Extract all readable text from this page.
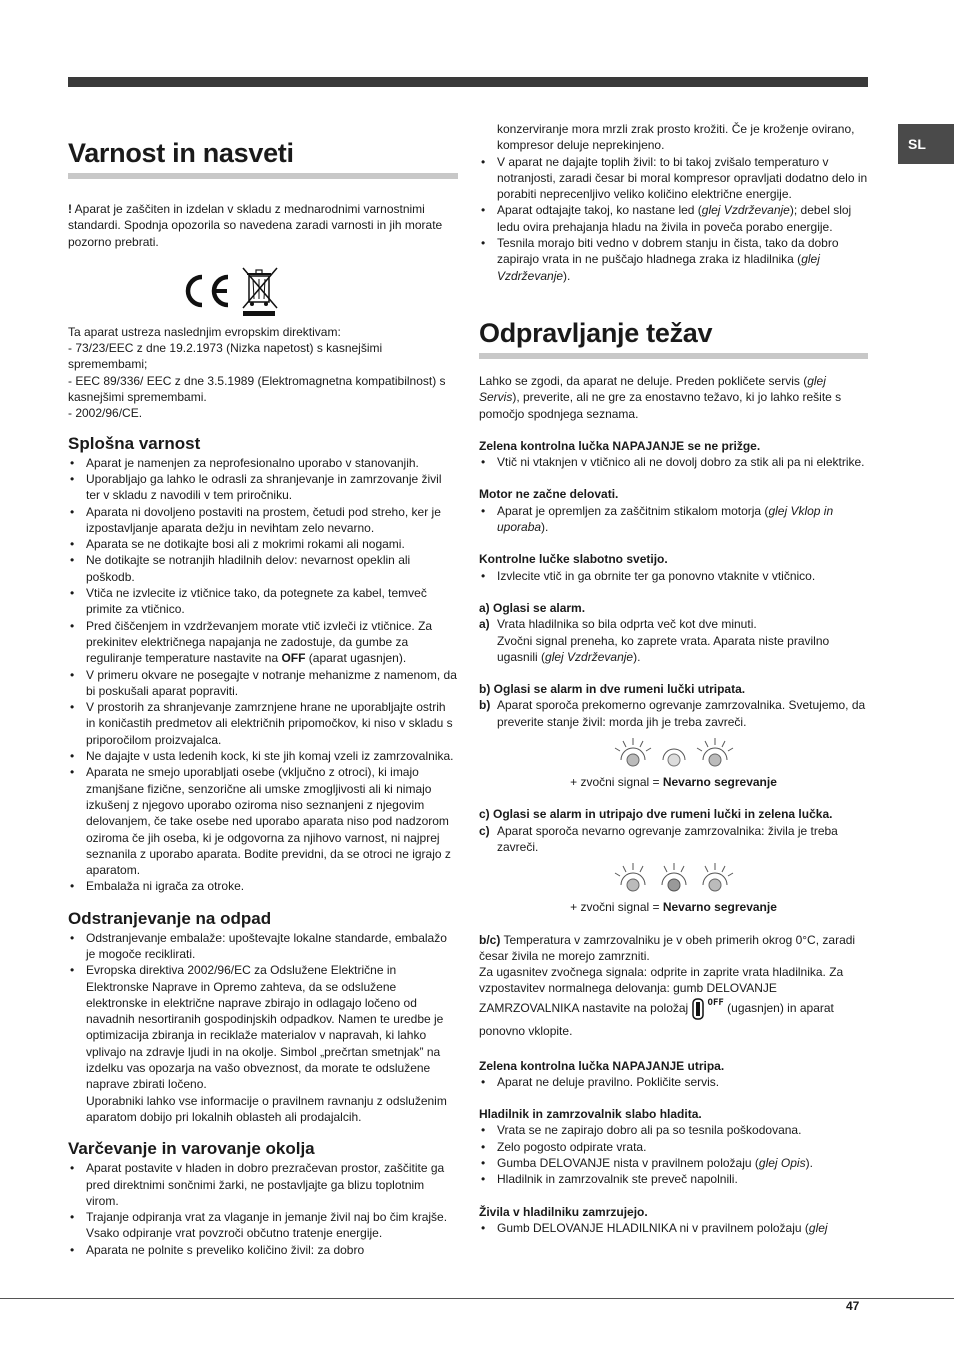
SL
Varnost in nasveti

! Aparat je zaščiten in izdelan v skladu z mednarodnimi varnostnimi standardi. Spodnja opozorila so navedena zaradi varnosti in jih morate pozorno prebrati.

Ta aparat ustreza naslednjim evropskim direktivam:

- 73/23/EEC z dne 19.2.1973 (Nizka napetost) s kasnejšimi spremembami;

- EEC 89/336/ EEC z dne 3.5.1989 (Elektromagnetna kompatibilnost) s kasnejšimi spremembami.

- 2002/96/CE.

Splošna varnost
• Aparat je namenjen za neprofesionalno uporabo v stanovanjih.
• Uporabljajo ga lahko le odrasli za shranjevanje in zamrzovanje živil ter v skladu z navodili v tem priročniku.
• Aparata ni dovoljeno postaviti na prostem, četudi pod streho, ker je izpostavljanje aparata dežju in nevihtam zelo nevarno.
• Aparata se ne dotikajte bosi ali z mokrimi rokami ali nogami.
• Ne dotikajte se notranjih hladilnih delov: nevarnost opeklin ali poškodb.
• Vtiča ne izvlecite iz vtičnice tako, da potegnete za kabel, temveč primite za vtičnico.
• Pred čiščenjem in vzdrževanjem morate vtič izvleči iz vtičnice. Za prekinitev električnega napajanja ne zadostuje, da gumbe za reguliranje temperature nastavite na OFF (aparat ugasnjen).
• V primeru okvare ne posegajte v notranje mehanizme z namenom, da bi poskušali aparat popraviti.
• V prostorih za shranjevanje zamrznjene hrane ne uporabljajte ostrih in koničastih predmetov ali električnih pripomočkov, ki niso v skladu s priporočilom proizvajalca.
• Ne dajajte v usta ledenih kock, ki ste jih komaj vzeli iz zamrzovalnika.
• Aparata ne smejo uporabljati osebe (vključno z otroci), ki imajo zmanjšane fizične, senzorične ali umske zmogljivosti ali ki nimajo izkušenj z njegovo uporabo oziroma niso seznanjeni z njegovim delovanjem, če take osebe ned uporabo aparata niso pod nadzorom oziroma če jih oseba, ki je odgovorna za njihovo varnost, ni najprej seznanila z uporabo aparata. Bodite previdni, da se otroci ne igrajo z aparatom.
• Embalaža ni igrača za otroke.
Odstranjevanje na odpad
• Odstranjevanje embalaže: upoštevajte lokalne standarde, embalažo je mogoče reciklirati.
• Evropska direktiva 2002/96/EC za Odslužene Električne in Elektronske Naprave in Opremo zahteva, da se odslužene elektronske in električne naprave zbirajo in odlagajo ločeno od navadnih nesortiranih gospodinjskih odpadkov. Namen te uredbe je optimizacija zbiranja in reciklaže materialov v napravah, ki lahko vplivajo na zdravje ljudi in na okolje. Simbol „prečrtan smetnjak” na izdelku vas opozarja na vašo obveznost, da morate te odslužene naprave zbirati ločeno.
Uporabniki lahko vse informacije o pravilnem ravnanju z odsluženim aparatom dobijo pri lokalnih oblasteh ali prodajalcih.
Varčevanje in varovanje okolja
• Aparat postavite v hladen in dobro prezračevan prostor, zaščitite ga pred direktnimi sončnimi žarki, ne postavljajte ga blizu toplotnim virom.
• Trajanje odpiranja vrat za vlaganje in jemanje živil naj bo čim krajše. Vsako odpiranje vrat povzroči občutno tratenje energije.
• Aparata ne polnite s preveliko količino živil: za dobro

konzerviranje mora mrzli zrak prosto krožiti. Če je kroženje ovirano, kompresor deluje neprekinjeno.

• V aparat ne dajajte toplih živil: to bi takoj zvišalo temperaturo v notranjosti, zaradi česar bi moral kompresor opravljati dodatno delo in porabiti neprecenljivo veliko količino električne energije.
• Aparat odtajajte takoj, ko nastane led (glej Vzdrževanje); debel sloj ledu ovira prehajanja hladu na živila in poveča porabo energije.
• Tesnila morajo biti vedno v dobrem stanju in čista, tako da dobro zapirajo vrata in ne puščajo hladnega zraka iz hladilnika (glej Vzdrževanje).
Odpravljanje težav

Lahko se zgodi, da aparat ne deluje. Preden pokličete servis (glej Servis), preverite, ali ne gre za enostavno težavo, ki jo lahko rešite s pomočjo spodnjega seznama.

Zelena kontrolna lučka NAPAJANJE se ne prižge.

• Vtič ni vtaknjen v vtičnico ali ne dovolj dobro za stik ali pa ni elektrike.

Motor ne začne delovati.

• Aparat je opremljen za zaščitnim stikalom motorja (glej Vklop in uporaba).

Kontrolne lučke slabotno svetijo.

• Izvlecite vtič in ga obrnite ter ga ponovno vtaknite v vtičnico.

a) Oglasi se alarm.

a) Vrata hladilnika so bila odprta več kot dve minuti.
Zvočni signal preneha, ko zaprete vrata. Aparata niste pravilno ugasnili (glej Vzdrževanje).

b) Oglasi se alarm in dve rumeni lučki utripata.

b) Aparat sporoča prekomerno ogrevanje zamrzovalnika. Svetujemo, da preverite stanje živil: morda jih je treba zavreči.

+ zvočni signal = Nevarno segrevanje

c) Oglasi se alarm in utripajo dve rumeni lučki in zelena lučka.

c) Aparat sporoča nevarno ogrevanje zamrzovalnika: živila je treba zavreči.

+ zvočni signal = Nevarno segrevanje

b/c) Temperatura v zamrzovalniku je v obeh primerih okrog 0°C, zaradi česar živila ne morejo zamrzniti.

Za ugasnitev zvočnega signala: odprite in zaprite vrata hladilnika. Za vzpostavitev normalnega delovanja: gumb DELOVANJE

ZAMRZOVALNIKA nastavite na položaj OFF (ugasnjen) in aparat ponovno vklopite.

Zelena kontrolna lučka NAPAJANJE utripa.

• Aparat ne deluje pravilno. Pokličite servis.

Hladilnik in zamrzovalnik slabo hladita.

• Vrata se ne zapirajo dobro ali pa so tesnila poškodovana.
• Zelo pogosto odpirate vrata.
• Gumba DELOVANJE nista v pravilnem položaju (glej Opis).
• Hladilnik in zamrzovalnik ste preveč napolnili.

Živila v hladilniku zamrzujejo.

• Gumb DELOVANJE HLADILNIKA ni v pravilnem položaju (glej
47
